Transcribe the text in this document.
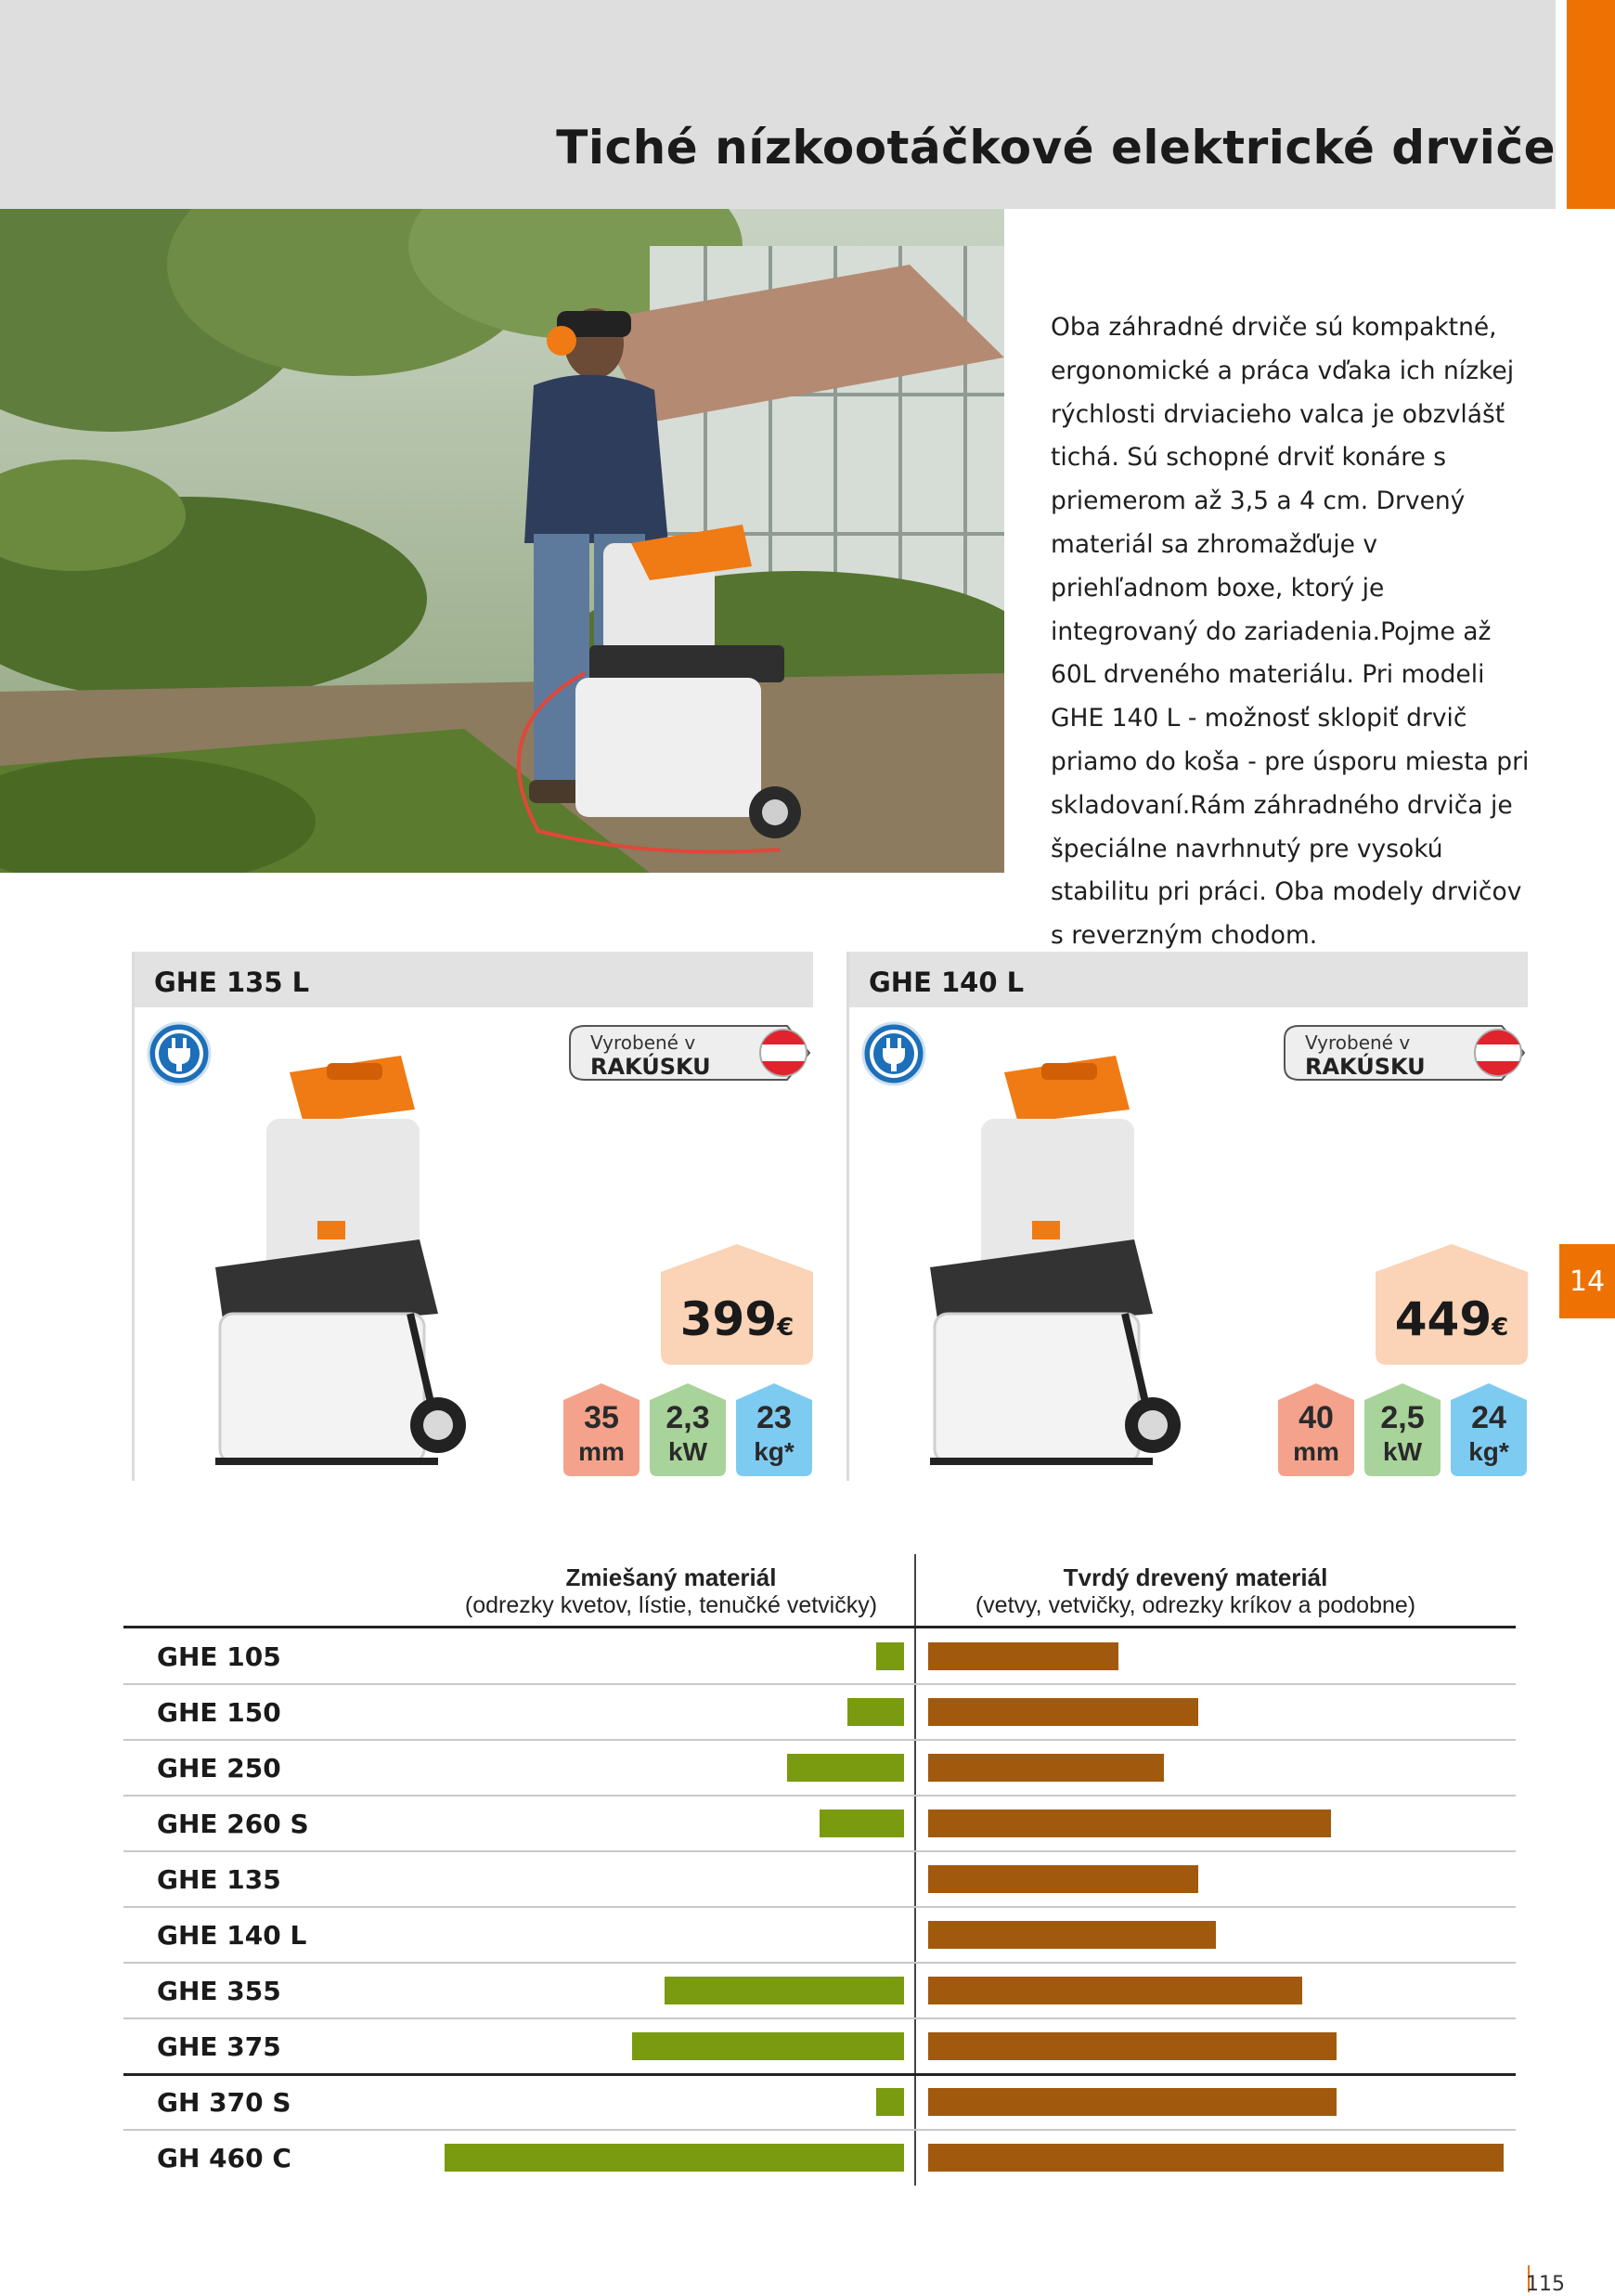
Tiché nízkootáčkové elektrické drviče

Oba záhradné drviče sú kompaktné, ergonomické a práca vďaka ich nízkej rýchlosti drviacieho valca je obzvlášť tichá. Sú schopné drviť konáre s priemerom až 3,5 a 4 cm. Drvený materiál sa zhromažďuje v priehľadnom boxe, ktorý je integrovaný do zariadenia.Pojme až 60L drveného materiálu. Pri modeli GHE 140 L - možnosť sklopiť drvič priamo do koša - pre úsporu miesta pri skladovaní.Rám záhradného drviča je špeciálne navrhnutý pre vysokú stabilitu pri práci. Oba modely drvičov s reverzným chodom.

14
GHE 135 L
Vyrobené v
RAKÚSKU
399€
35
mm
2,3
kW
23
kg*
GHE 140 L
Vyrobené v
RAKÚSKU
449€
40
mm
2,5
kW
24
kg*
Zmiešaný materiál
(odrezky kvetov, lístie, tenučké vetvičky)
Tvrdý drevený materiál
(vetvy, vetvičky, odrezky kríkov a podobne)
GHE 105
GHE 150
GHE 250
GHE 260 S
GHE 135
GHE 140 L
GHE 355
GHE 375
GH 370 S
GH 460 C
115
